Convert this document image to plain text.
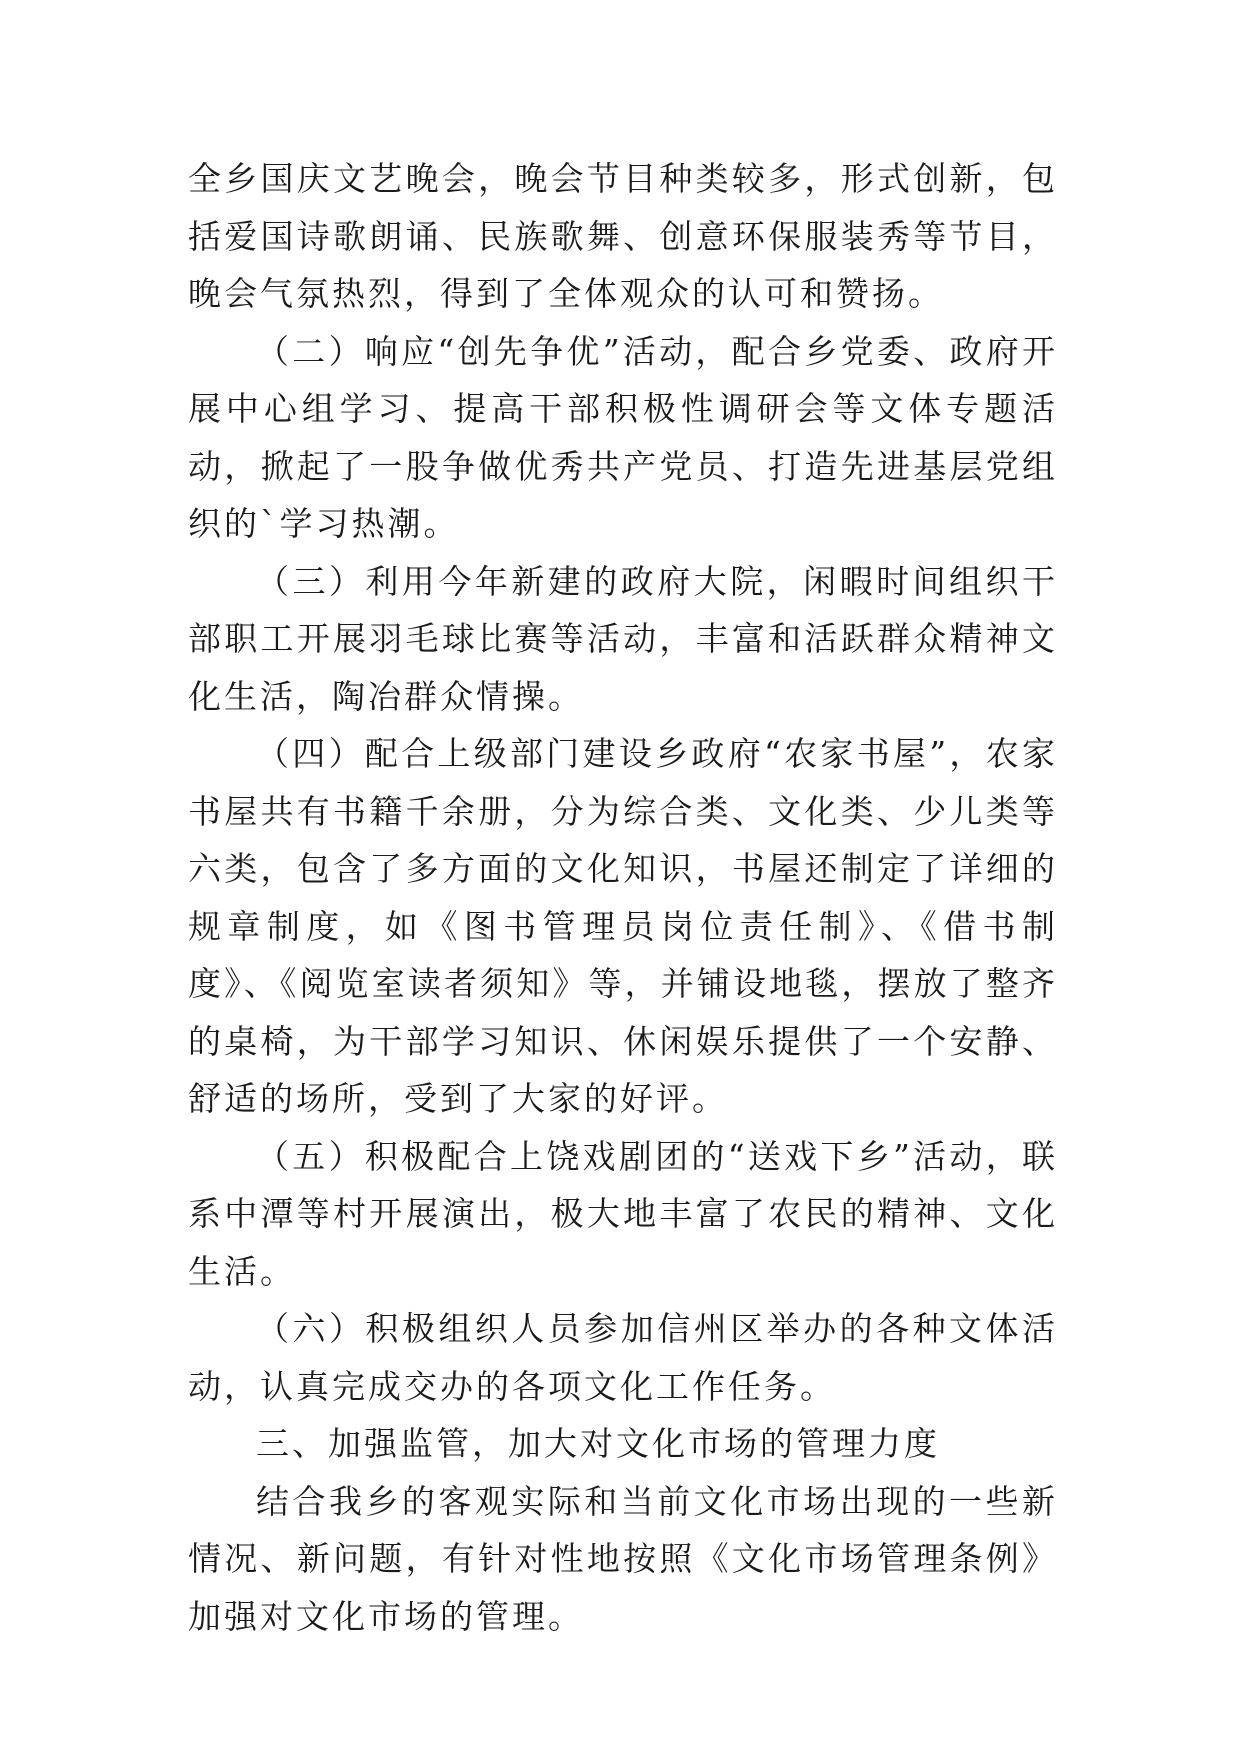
全乡国庆文艺晚会，晚会节目种类较多，形式创新，包括爱国诗歌朗诵、民族歌舞、创意环保服装秀等节目，晚会气氛热烈，得到了全体观众的认可和赞扬。

（二）响应“创先争优”活动，配合乡党委、政府开展中心组学习、提高干部积极性调研会等文体专题活动，掀起了一股争做优秀共产党员、打造先进基层党组织的`学习热潮。

（三）利用今年新建的政府大院，闲暇时间组织干部职工开展羽毛球比赛等活动，丰富和活跃群众精神文化生活，陶冶群众情操。

（四）配合上级部门建设乡政府“农家书屋”，农家书屋共有书籍千余册，分为综合类、文化类、少儿类等六类，包含了多方面的文化知识，书屋还制定了详细的规章制度，如《图书管理员岗位责任制》、《借书制度》、《阅览室读者须知》等，并铺设地毯，摆放了整齐的桌椅，为干部学习知识、休闲娱乐提供了一个安静、舒适的场所，受到了大家的好评。

（五）积极配合上饶戏剧团的“送戏下乡”活动，联系中潭等村开展演出，极大地丰富了农民的精神、文化生活。

（六）积极组织人员参加信州区举办的各种文体活动，认真完成交办的各项文化工作任务。

三、加强监管，加大对文化市场的管理力度

结合我乡的客观实际和当前文化市场出现的一些新情况、新问题，有针对性地按照《文化市场管理条例》加强对文化市场的管理。
